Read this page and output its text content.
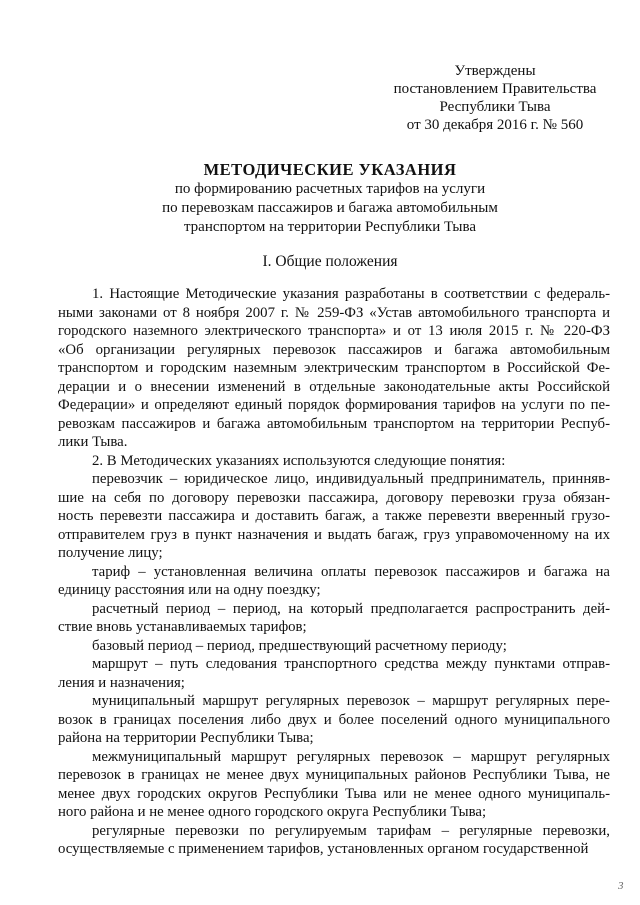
Утверждены
постановлением Правительства
Республики Тыва
от 30 декабря 2016 г. № 560
МЕТОДИЧЕСКИЕ УКАЗАНИЯ
по формированию расчетных тарифов на услуги
по перевозкам пассажиров и багажа автомобильным
транспортом на территории Республики Тыва
I. Общие положения
1. Настоящие Методические указания разработаны в соответствии с федераль-
ными законами от 8 ноября 2007 г. № 259-ФЗ «Устав автомобильного транспорта и
городского наземного электрического транспорта» и от 13 июля 2015 г. № 220-ФЗ
«Об организации регулярных перевозок пассажиров и багажа автомобильным
транспортом и городским наземным электрическим транспортом в Российской Фе-
дерации и о внесении изменений в отдельные законодательные акты Российской
Федерации» и определяют единый порядок формирования тарифов на услуги по пе-
ревозкам пассажиров и багажа автомобильным транспортом на территории Респуб-
лики Тыва.
2. В Методических указаниях используются следующие понятия:
перевозчик – юридическое лицо, индивидуальный предприниматель, принняв-
шие на себя по договору перевозки пассажира, договору перевозки груза обязан-
ность перевезти пассажира и доставить багаж, а также перевезти вверенный грузо-
отправителем груз в пункт назначения и выдать багаж, груз управомоченному на их
получение лицу;
тариф – установленная величина оплаты перевозок пассажиров и багажа на
единицу расстояния или на одну поездку;
расчетный период – период, на который предполагается распространить дей-
ствие вновь устанавливаемых тарифов;
базовый период – период, предшествующий расчетному периоду;
маршрут – путь следования транспортного средства между пунктами отправ-
ления и назначения;
муниципальный маршрут регулярных перевозок – маршрут регулярных пере-
возок в границах поселения либо двух и более поселений одного муниципального
района на территории Республики Тыва;
межмуниципальный маршрут регулярных перевозок – маршрут регулярных
перевозок в границах не менее двух муниципальных районов Республики Тыва, не
менее двух городских округов Республики Тыва или не менее одного муниципаль-
ного района и не менее одного городского округа Республики Тыва;
регулярные перевозки по регулируемым тарифам – регулярные перевозки,
осуществляемые с применением тарифов, установленных органом государственной
3
